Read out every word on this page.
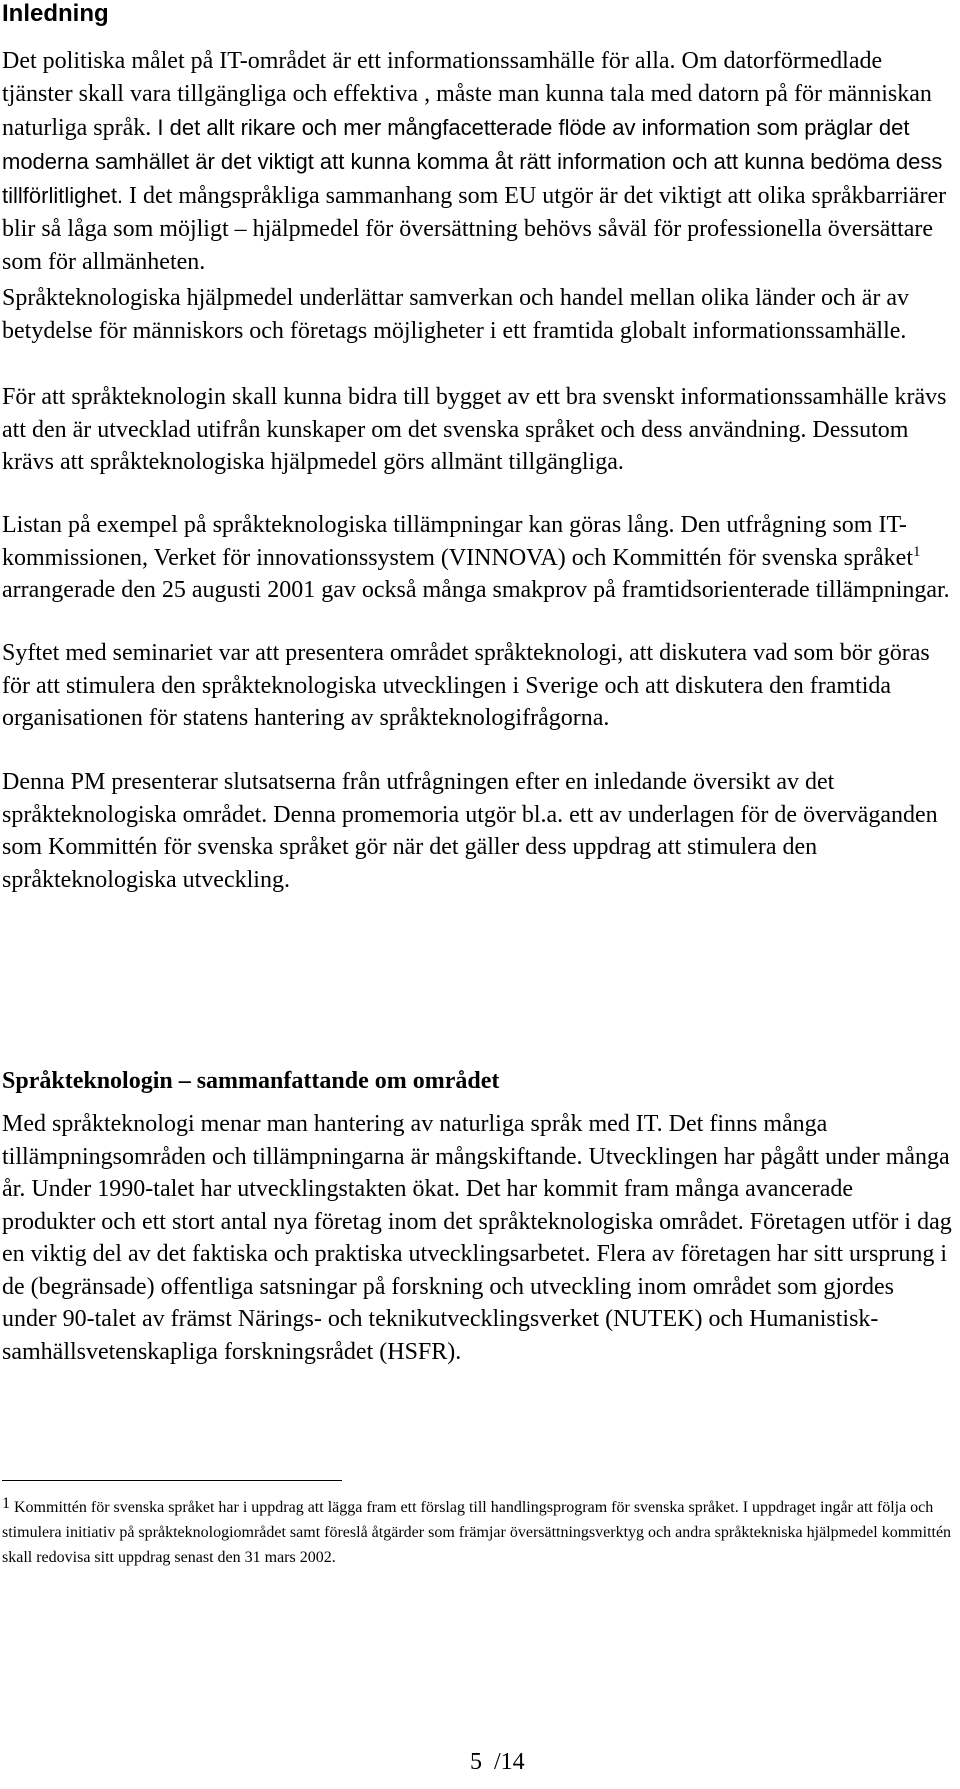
Inledning
Det politiska målet på IT-området är ett informationssamhälle för alla. Om datorförmedlade tjänster skall vara tillgängliga och effektiva , måste man kunna tala med datorn på för människan naturliga språk. I det allt rikare och mer mångfacetterade flöde av information som präglar det moderna samhället är det viktigt att kunna komma åt rätt information och att kunna bedöma dess tillförlitlighet. I det mångspråkliga sammanhang som EU utgör är det viktigt att olika språkbarriärer blir så låga som möjligt – hjälpmedel för översättning behövs såväl för professionella översättare som för allmänheten.
Språkteknologiska hjälpmedel underlättar samverkan och handel mellan olika länder och är av betydelse för människors och företags möjligheter i ett framtida globalt informationssamhälle.
För att språkteknologin skall kunna bidra till bygget av ett bra svenskt informationssamhälle krävs att den är utvecklad utifrån kunskaper om det svenska språket och dess användning. Dessutom krävs att språkteknologiska hjälpmedel görs allmänt tillgängliga.
Listan på exempel på språkteknologiska tillämpningar kan göras lång. Den utfrågning som IT-kommissionen, Verket för innovationssystem (VINNOVA) och Kommittén för svenska språket$^1$ arrangerade den 25 augusti 2001 gav också många smakprov på framtidsorienterade tillämpningar.
Syftet med seminariet var att presentera området språkteknologi, att diskutera vad som bör göras för att stimulera den språkteknologiska utvecklingen i Sverige och att diskutera den framtida organisationen för statens hantering av språkteknologifrågorna.
Denna PM presenterar slutsatserna från utfrågningen efter en inledande översikt av det språkteknologiska området. Denna promemoria utgör bl.a. ett av underlagen för de överväganden som Kommittén för svenska språket gör när det gäller dess uppdrag att stimulera den språkteknologiska utveckling.
Språkteknologin – sammanfattande om området
Med språkteknologi menar man hantering av naturliga språk med IT. Det finns många tillämpningsområden och tillämpningarna är mångskiftande. Utvecklingen har pågått under många år. Under 1990-talet har utvecklingstakten ökat. Det har kommit fram många avancerade produkter och ett stort antal nya företag inom det språkteknologiska området. Företagen utför i dag en viktig del av det faktiska och praktiska utvecklingsarbetet. Flera av företagen har sitt ursprung i de (begränsade) offentliga satsningar på forskning och utveckling inom området som gjordes under 90-talet av främst Närings- och teknikutvecklingsverket (NUTEK) och Humanistisk-samhällsvetenskapliga forskningsrådet (HSFR).
$^1$ Kommittén för svenska språket har i uppdrag att lägga fram ett förslag till handlingsprogram för svenska språket. I uppdraget ingår att följa och stimulera initiativ på språkteknologiområdet samt föreslå åtgärder som främjar översättningsverktyg och andra språktekniska hjälpmedel kommittén skall redovisa sitt uppdrag senast den 31 mars 2002.
5  /14
